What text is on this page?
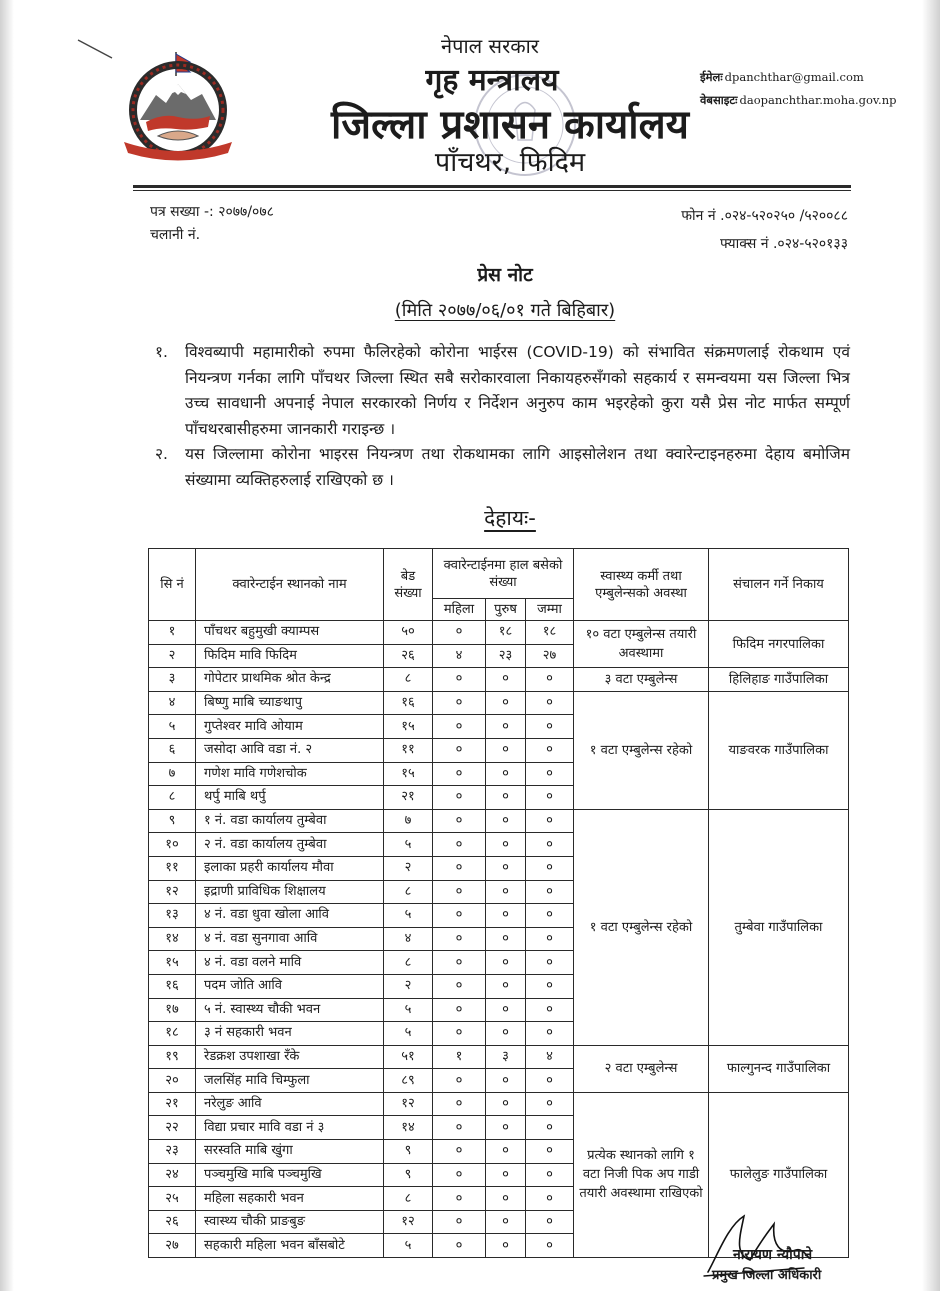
नेपाल सरकार
गृह मन्त्रालय
जिल्ला प्रशासन कार्यालय
पाँचथर, फिदिम
ईमेलः dpanchthar@gmail.com
वेबसाइटः daopanchthar.moha.gov.np
पत्र सख्या -: २०७७/०७८
चलानी नं.
फोन नं .०२४-५२०२५० /५२००८८
फ्याक्स नं .०२४-५२०१३३
प्रेस नोट
(मिति २०७७/०६/०१ गते बिहिबार)
१.	विश्वब्यापी महामारीको रुपमा फैलिरहेको कोरोना भाईरस (COVID-19) को संभावित संक्रमणलाई रोकथाम एवं नियन्त्रण गर्नका लागि पाँचथर जिल्ला स्थित सबै सरोकारवाला निकायहरुसँगको सहकार्य र समन्वयमा यस जिल्ला भित्र उच्च सावधानी अपनाई नेपाल सरकारको निर्णय र निर्देशन अनुरुप काम भइरहेको कुरा यसै प्रेस नोट मार्फत सम्पूर्ण पाँचथरबासीहरुमा जानकारी गराइन्छ ।
२.	यस जिल्लामा कोरोना भाइरस नियन्त्रण तथा रोकथामका लागि आइसोलेशन तथा क्वारेन्टाइनहरुमा देहाय बमोजिम संख्यामा व्यक्तिहरुलाई राखिएको छ ।
देहायः-
सि नं	क्वारेन्टाईन स्थानको नाम	बेड संख्या	क्वारेन्टाईनमा हाल बसेको संख्या			स्वास्थ्य कर्मी तथा एम्बुलेन्सको अवस्था	संचालन गर्ने निकाय
			महिला	पुरुष	जम्मा		
१	पाँचथर बहुमुखी क्याम्पस	५०	०	१८	१८	१० वटा एम्बुलेन्स तयारी अवस्थामा	फिदिम नगरपालिका
२	फिदिम मावि फिदिम	२६	४	२३	२७		
३	गोपेटार प्राथमिक श्रोत केन्द्र	८	०	०	०	३ वटा एम्बुलेन्स	हिलिहाङ गाउँपालिका
४	बिष्णु माबि च्याङथापु	१६	०	०	०	१ वटा एम्बुलेन्स रहेको	याङवरक गाउँपालिका
५	गुप्तेश्वर मावि ओयाम	१५	०	०	०		
६	जसोदा आवि वडा नं. २	११	०	०	०		
७	गणेश मावि गणेशचोक	१५	०	०	०		
८	थर्पु माबि थर्पु	२१	०	०	०		
९	१ नं. वडा कार्यालय तुम्बेवा	७	०	०	०	१ वटा एम्बुलेन्स रहेको	तुम्बेवा गाउँपालिका
१०	२ नं. वडा कार्यालय तुम्बेवा	५	०	०	०		
११	इलाका प्रहरी कार्यालय मौवा	२	०	०	०		
१२	इद्राणी प्राविधिक शिक्षालय	८	०	०	०		
१३	४ नं. वडा धुवा खोला आवि	५	०	०	०		
१४	४ नं. वडा सुनगावा आवि	४	०	०	०		
१५	४ नं. वडा वलने मावि	८	०	०	०		
१६	पदम जोति आवि	२	०	०	०		
१७	५ नं. स्वास्थ्य चौकी भवन	५	०	०	०		
१८	३ नं सहकारी भवन	५	०	०	०		
१९	रेडक्रश उपशाखा रँके	५१	१	३	४	२ वटा एम्बुलेन्स	फाल्गुनन्द गाउँपालिका
२०	जलसिंह मावि चिम्फुला	८९	०	०	०		
२१	नरेलुङ आवि	१२	०	०	०	प्रत्येक स्थानको लागि १ वटा निजी पिक अप गाडी तयारी अवस्थामा राखिएको	फालेलुङ गाउँपालिका
२२	विद्या प्रचार मावि वडा नं ३	१४	०	०	०		
२३	सरस्वति माबि खुंगा	९	०	०	०		
२४	पञ्चमुखि माबि पञ्चमुखि	९	०	०	०		
२५	महिला सहकारी भवन	८	०	०	०		
२६	स्वास्थ्य चौकी प्राङबुङ	१२	०	०	०		
२७	सहकारी महिला भवन बाँसबोटे	५	०	०	०		
नारायण न्यौपाने
प्रमुख जिल्ला अधिकारी
